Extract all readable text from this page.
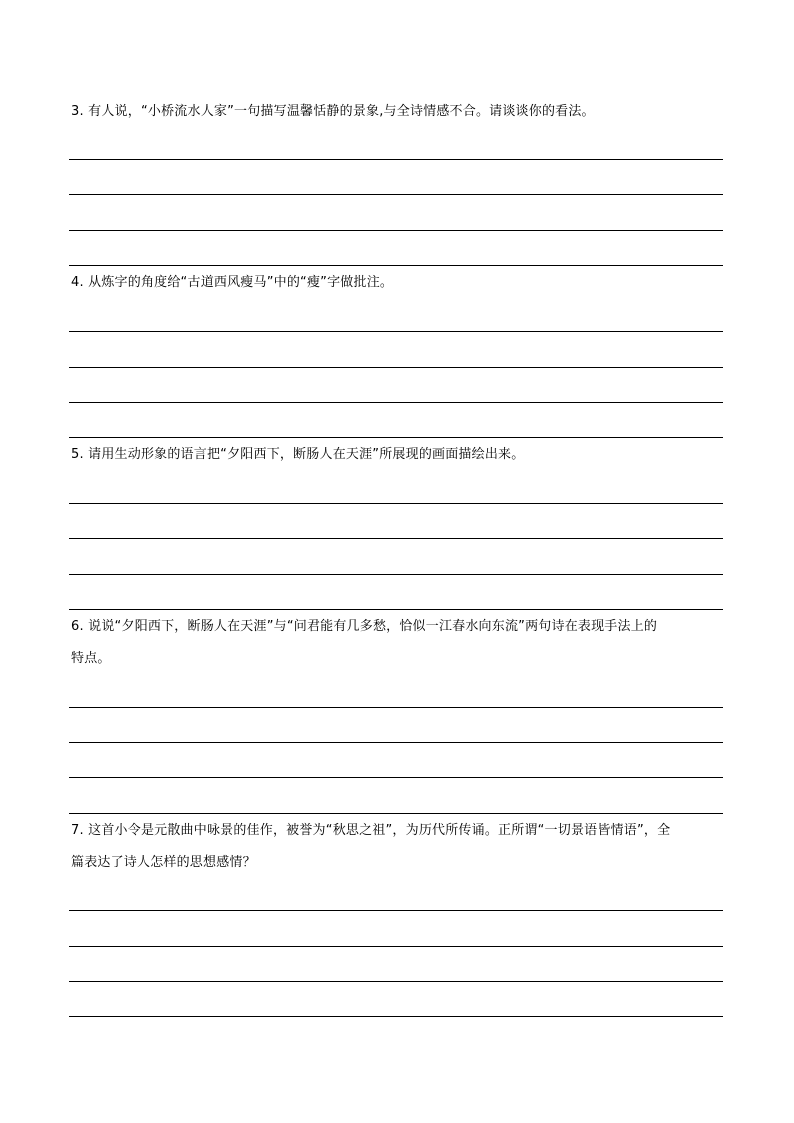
3. 有人说，“小桥流水人家”一句描写温馨恬静的景象,与全诗情感不合。请谈谈你的看法。

4. 从炼字的角度给“古道西风瘦马”中的“瘦”字做批注。

5. 请用生动形象的语言把“夕阳西下，断肠人在天涯”所展现的画面描绘出来。

6. 说说“夕阳西下，断肠人在天涯”与“问君能有几多愁，恰似一江春水向东流”两句诗在表现手法上的

特点。

7. 这首小令是元散曲中咏景的佳作，被誉为“秋思之祖”，为历代所传诵。正所谓“一切景语皆情语”，全

篇表达了诗人怎样的思想感情？
